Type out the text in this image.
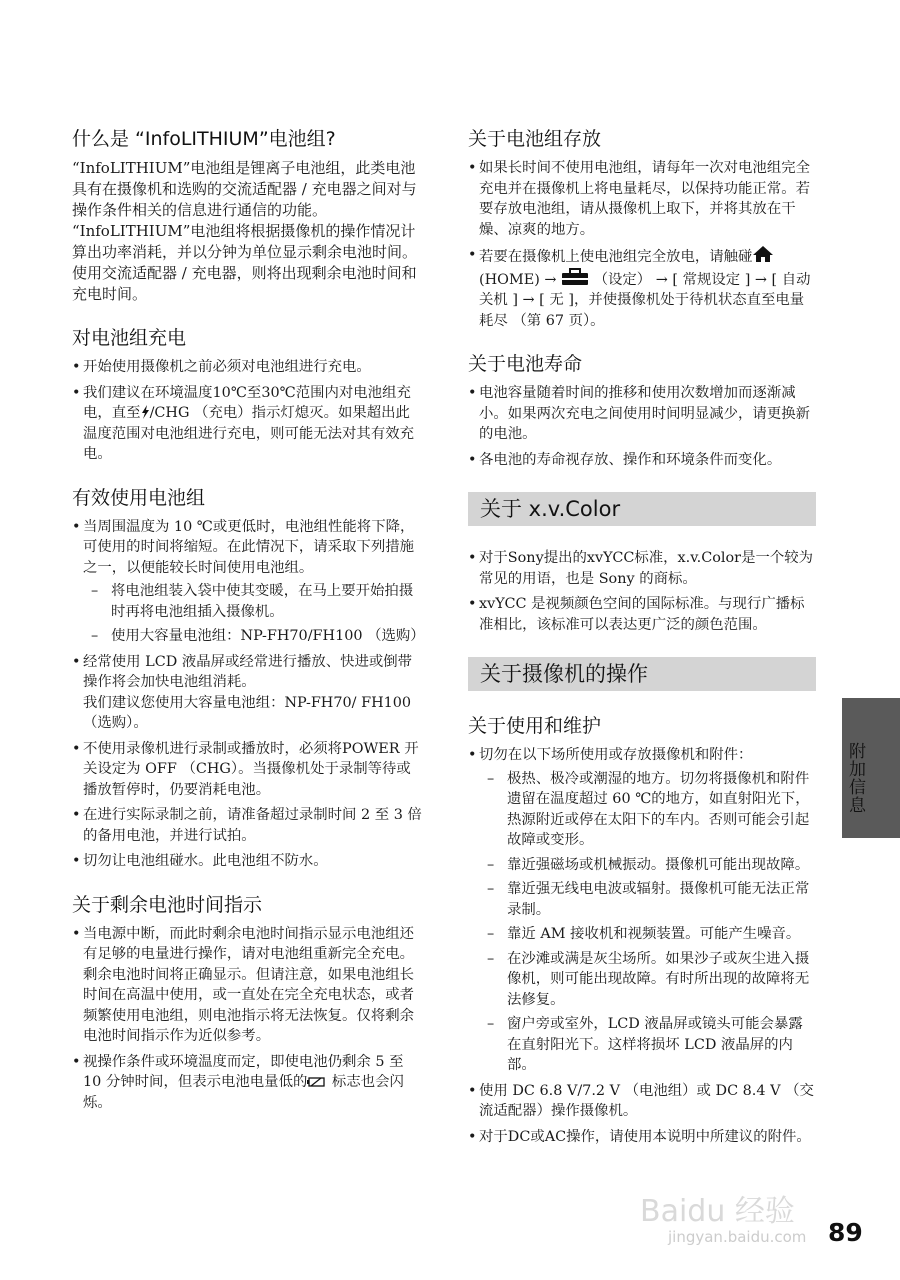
什么是 “InfoLITHIUM”电池组?

“InfoLITHIUM”电池组是锂离子电池组，此类电池具有在摄像机和选购的交流适配器 / 充电器之间对与操作条件相关的信息进行通信的功能。

“InfoLITHIUM”电池组将根据摄像机的操作情况计算出功率消耗，并以分钟为单位显示剩余电池时间。

使用交流适配器 / 充电器，则将出现剩余电池时间和充电时间。

对电池组充电
• 开始使用摄像机之前必须对电池组进行充电。
• 我们建议在环境温度10℃至30℃范围内对电池组充电，直至 /CHG （充电）指示灯熄灭。如果超出此温度范围对电池组进行充电，则可能无法对其有效充电。
有效使用电池组
• 当周围温度为 10 ℃或更低时，电池组性能将下降，可使用的时间将缩短。在此情况下，请采取下列措施之一，以便能较长时间使用电池组。
– 将电池组装入袋中使其变暖，在马上要开始拍摄时再将电池组插入摄像机。
– 使用大容量电池组：NP-FH70/FH100 （选购）
• 经常使用 LCD 液晶屏或经常进行播放、快进或倒带操作将会加快电池组消耗。
我们建议您使用大容量电池组：NP-FH70/ FH100 （选购）。
• 不使用录像机进行录制或播放时，必须将POWER 开关设定为 OFF （CHG）。当摄像机处于录制等待或播放暂停时，仍要消耗电池。
• 在进行实际录制之前，请准备超过录制时间 2 至 3 倍的备用电池，并进行试拍。
• 切勿让电池组碰水。此电池组不防水。
关于剩余电池时间指示
• 当电源中断，而此时剩余电池时间指示显示电池组还有足够的电量进行操作，请对电池组重新完全充电。剩余电池时间将正确显示。但请注意，如果电池组长时间在高温中使用，或一直处在完全充电状态，或者频繁使用电池组，则电池指示将无法恢复。仅将剩余电池时间指示作为近似参考。
• 视操作条件或环境温度而定，即使电池仍剩余 5 至 10 分钟时间，但表示电池电量低的 标志也会闪烁。
关于电池组存放
• 如果长时间不使用电池组，请每年一次对电池组完全充电并在摄像机上将电量耗尽，以保持功能正常。若要存放电池组，请从摄像机上取下，并将其放在干燥、凉爽的地方。
• 若要在摄像机上使电池组完全放电，请触碰 (HOME) →  （设定） → [ 常规设定 ] → [ 自动关机 ] → [ 无 ]，并使摄像机处于待机状态直至电量耗尽 （第 67 页）。
关于电池寿命
• 电池容量随着时间的推移和使用次数增加而逐渐减小。如果两次充电之间使用时间明显减少，请更换新的电池。
• 各电池的寿命视存放、操作和环境条件而变化。
关于 x.v.Color
• 对于Sony提出的xvYCC标准，x.v.Color是一个较为常见的用语，也是 Sony 的商标。
• xvYCC 是视频颜色空间的国际标准。与现行广播标准相比，该标准可以表达更广泛的颜色范围。
关于摄像机的操作
关于使用和维护
• 切勿在以下场所使用或存放摄像机和附件：
– 极热、极冷或潮湿的地方。切勿将摄像机和附件遗留在温度超过 60 ℃的地方，如直射阳光下，热源附近或停在太阳下的车内。否则可能会引起故障或变形。
– 靠近强磁场或机械振动。摄像机可能出现故障。
– 靠近强无线电电波或辐射。摄像机可能无法正常录制。
– 靠近 AM 接收机和视频装置。可能产生噪音。
– 在沙滩或满是灰尘场所。如果沙子或灰尘进入摄像机，则可能出现故障。有时所出现的故障将无法修复。
– 窗户旁或室外，LCD 液晶屏或镜头可能会暴露在直射阳光下。这样将损坏 LCD 液晶屏的内部。
• 使用 DC 6.8 V/7.2 V （电池组）或 DC 8.4 V （交流适配器）操作摄像机。
• 对于DC或AC操作，请使用本说明中所建议的附件。
附加信息
89
Baidu 经验
jingyan.baidu.com
